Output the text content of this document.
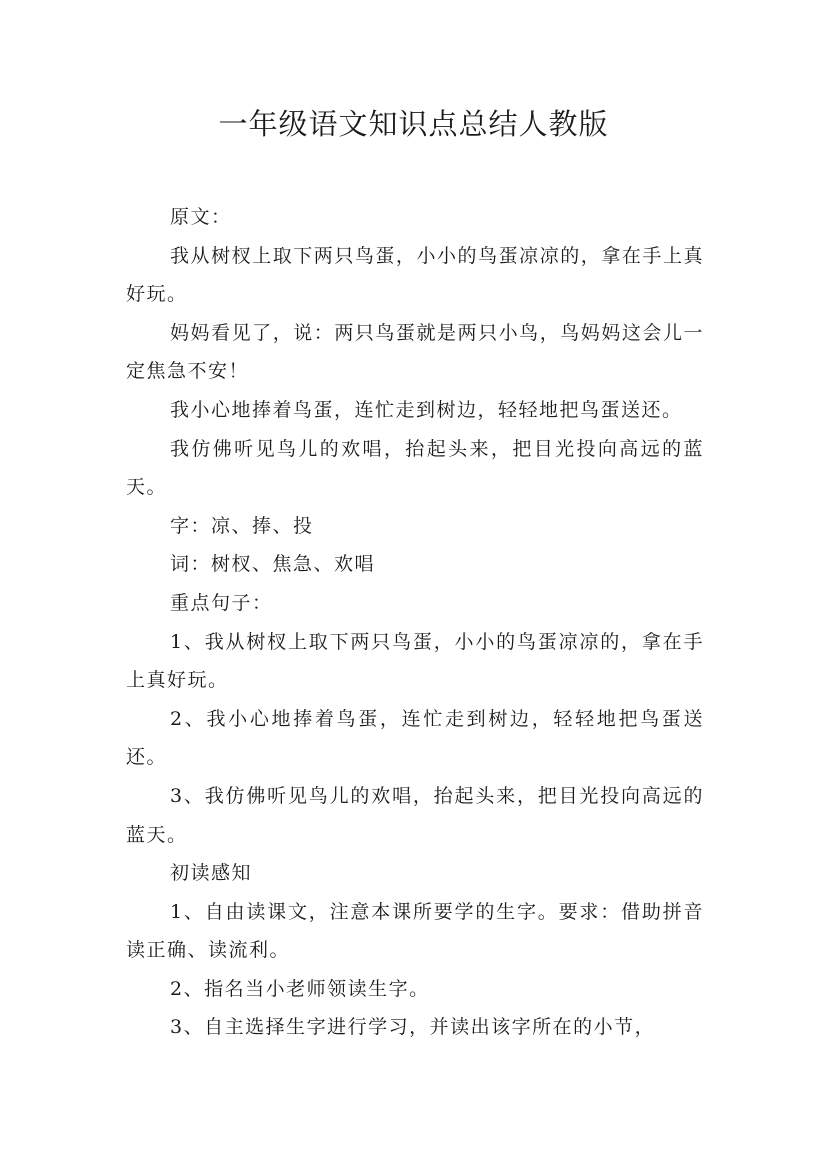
一年级语文知识点总结人教版

原文：

我从树杈上取下两只鸟蛋，小小的鸟蛋凉凉的，拿在手上真好玩。

妈妈看见了，说：两只鸟蛋就是两只小鸟，鸟妈妈这会儿一定焦急不安！

我小心地捧着鸟蛋，连忙走到树边，轻轻地把鸟蛋送还。

我仿佛听见鸟儿的欢唱，抬起头来，把目光投向高远的蓝天。

字：凉、捧、投

词：树杈、焦急、欢唱

重点句子：

1、我从树杈上取下两只鸟蛋，小小的鸟蛋凉凉的，拿在手上真好玩。

2、我小心地捧着鸟蛋，连忙走到树边，轻轻地把鸟蛋送还。

3、我仿佛听见鸟儿的欢唱，抬起头来，把目光投向高远的蓝天。

初读感知

1、自由读课文，注意本课所要学的生字。要求：借助拼音读正确、读流利。

2、指名当小老师领读生字。

3、自主选择生字进行学习，并读出该字所在的小节，
